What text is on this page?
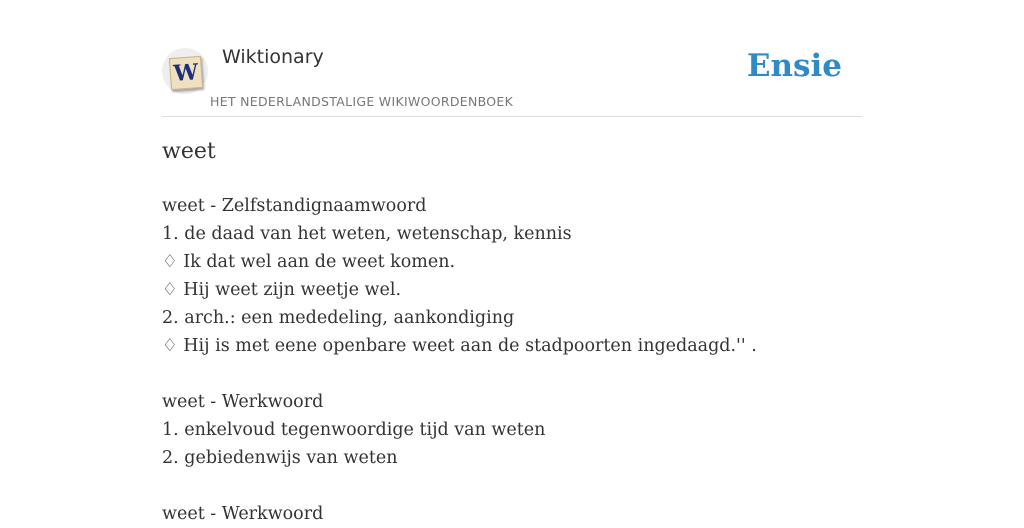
W
Wiktionary
HET NEDERLANDSTALIGE WIKIWOORDENBOEK
Ensie
weet
weet - Zelfstandignaamwoord
1. de daad van het weten, wetenschap, kennis
♢ Ik dat wel aan de weet komen.
♢ Hij weet zijn weetje wel.
2. arch.: een mededeling, aankondiging
♢ Hij is met eene openbare weet aan de stadpoorten ingedaagd.'' .
weet - Werkwoord
1. enkelvoud tegenwoordige tijd van weten
2. gebiedenwijs van weten
weet - Werkwoord
